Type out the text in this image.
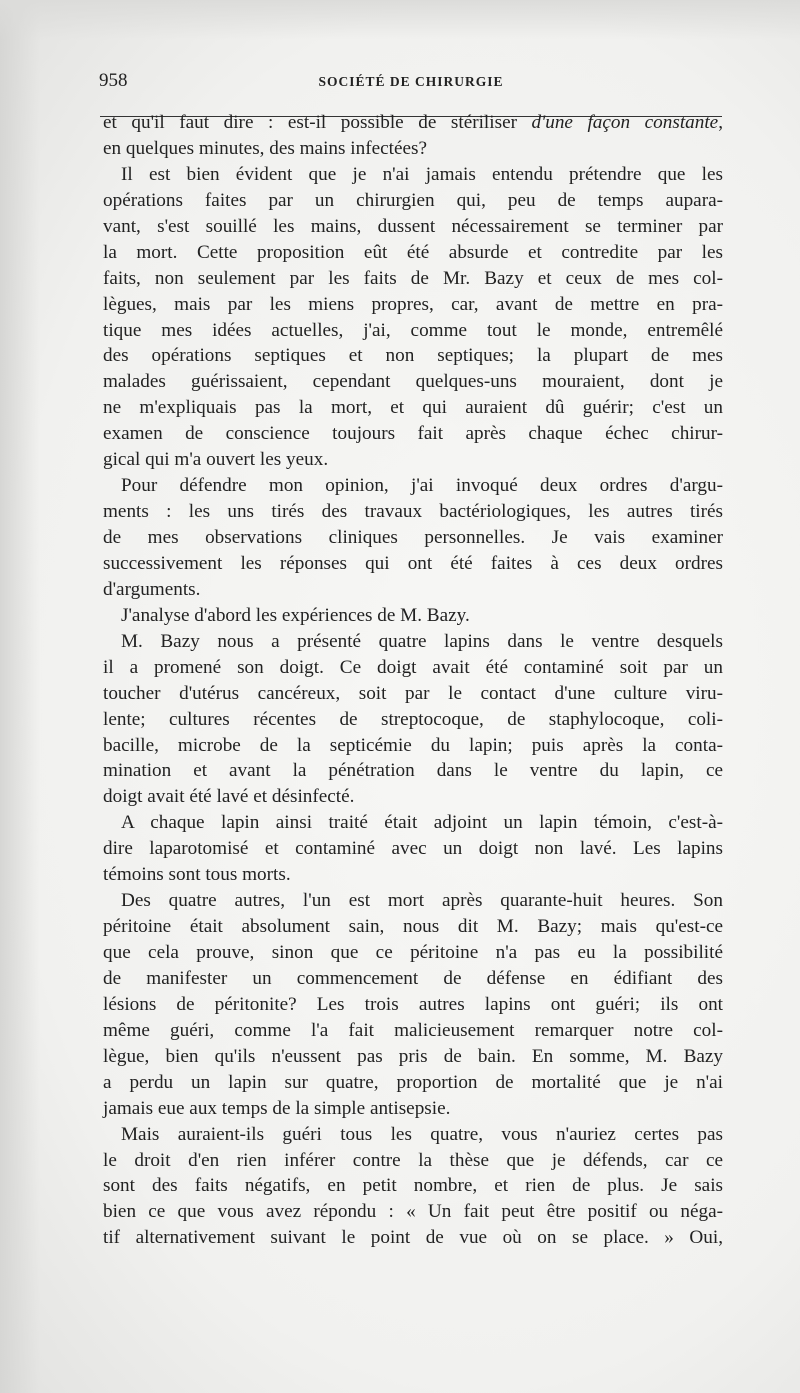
958	SOCIÉTÉ DE CHIRURGIE
et qu'il faut dire : est-il possible de stériliser d'une façon constante,
en quelques minutes, des mains infectées?
Il est bien évident que je n'ai jamais entendu prétendre que les
opérations faites par un chirurgien qui, peu de temps aupara-
vant, s'est souillé les mains, dussent nécessairement se terminer par
la mort. Cette proposition eût été absurde et contredite par les
faits, non seulement par les faits de Mr. Bazy et ceux de mes col-
lègues, mais par les miens propres, car, avant de mettre en pra-
tique mes idées actuelles, j'ai, comme tout le monde, entremêlé
des opérations septiques et non septiques; la plupart de mes
malades guérissaient, cependant quelques-uns mouraient, dont je
ne m'expliquais pas la mort, et qui auraient dû guérir; c'est un
examen de conscience toujours fait après chaque échec chirur-
gical qui m'a ouvert les yeux.
Pour défendre mon opinion, j'ai invoqué deux ordres d'argu-
ments : les uns tirés des travaux bactériologiques, les autres tirés
de mes observations cliniques personnelles. Je vais examiner
successivement les réponses qui ont été faites à ces deux ordres
d'arguments.
J'analyse d'abord les expériences de M. Bazy.
M. Bazy nous a présenté quatre lapins dans le ventre desquels
il a promené son doigt. Ce doigt avait été contaminé soit par un
toucher d'utérus cancéreux, soit par le contact d'une culture viru-
lente; cultures récentes de streptocoque, de staphylocoque, coli-
bacille, microbe de la septicémie du lapin; puis après la conta-
mination et avant la pénétration dans le ventre du lapin, ce
doigt avait été lavé et désinfecté.
A chaque lapin ainsi traité était adjoint un lapin témoin, c'est-à-
dire laparotomisé et contaminé avec un doigt non lavé. Les lapins
témoins sont tous morts.
Des quatre autres, l'un est mort après quarante-huit heures. Son
péritoine était absolument sain, nous dit M. Bazy; mais qu'est-ce
que cela prouve, sinon que ce péritoine n'a pas eu la possibilité
de manifester un commencement de défense en édifiant des
lésions de péritonite? Les trois autres lapins ont guéri; ils ont
même guéri, comme l'a fait malicieusement remarquer notre col-
lègue, bien qu'ils n'eussent pas pris de bain. En somme, M. Bazy
a perdu un lapin sur quatre, proportion de mortalité que je n'ai
jamais eue aux temps de la simple antisepsie.
Mais auraient-ils guéri tous les quatre, vous n'auriez certes pas
le droit d'en rien inférer contre la thèse que je défends, car ce
sont des faits négatifs, en petit nombre, et rien de plus. Je sais
bien ce que vous avez répondu : « Un fait peut être positif ou néga-
tif alternativement suivant le point de vue où on se place. » Oui,
